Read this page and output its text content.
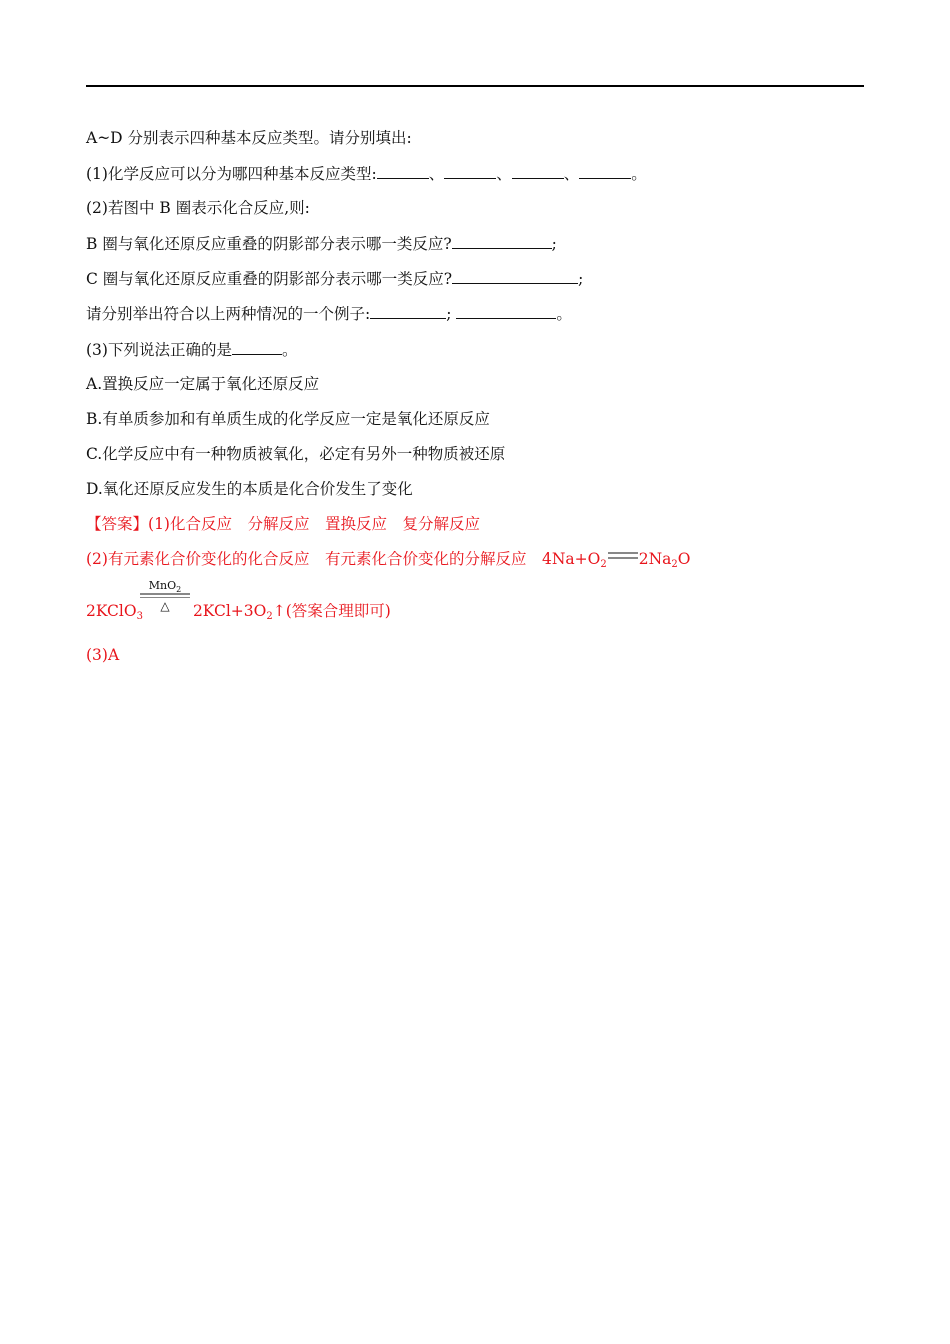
A~D 分别表示四种基本反应类型。请分别填出:
(1)化学反应可以分为哪四种基本反应类型:	、	、	、	。
(2)若图中 B 圈表示化合反应,则:
B 圈与氧化还原反应重叠的阴影部分表示哪一类反应?	;
C 圈与氧化还原反应重叠的阴影部分表示哪一类反应?	;
请分别举出符合以上两种情况的一个例子:	;	。
(3)下列说法正确的是	。
A.置换反应一定属于氧化还原反应
B.有单质参加和有单质生成的化学反应一定是氧化还原反应
C.化学反应中有一种物质被氧化，必定有另外一种物质被还原
D.氧化还原反应发生的本质是化合价发生了变化
【答案】(1)化合反应　分解反应　置换反应　复分解反应
(2)有元素化合价变化的化合反应　有元素化合价变化的分解反应　$4Na+O_2$ $2Na_2O$
MnO$_2$
△
2KClO$_3$	$2KCl+3O_2↑$(答案合理即可)
(3)A
